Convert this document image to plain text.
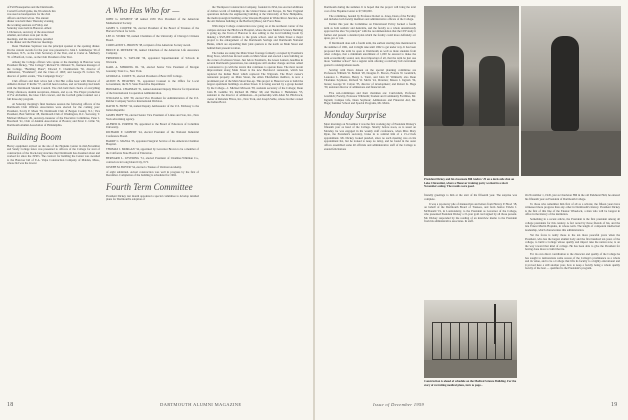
of Fall Houseparties and the Dartmouth-
Cornell football game, the Woodstock Inn
was used as headquarters for the club
officers and their wives. The annual
dinner was held there Thursday evening,
the working sessions on Friday and
Saturday were held in Hanover. Albert
I. Dickerson, secretary of the Associated
Alumni, and others took part in the
meetings, and the Association, presided
at the dinner and the Hanover meetings.

Dean Thaddeus Seymour was the principal speaker at the opening dinner. On the current awards for the year was presented to John I. Grimberger '26 of Rochester, N.Y., as the Club Secretary of the Year, and to Carter A. Mulberry '31 of Hartford, Conn., as the Club President of the Year.

Among the College officers who spoke at the meetings in Hanover were President Dickey, "The College"; Richard W. Olmsted '31, business manager of the College, "Building Plans"; Edward T. Chamberlain '36, director of admissions, "Freshmen"; and the Class of 1963; and George H. Colton '35, director of public events, "The Campaign Story."

Club officers and their wives had a Ski Hut coffee hour with Director of Athletics Robert P. Rollie '37, and fall head coaches, and on Saturday had lunch with the Dartmouth Student Council. The club held their choice of everything Friday afternoon, alumni receptions, dinners, and so on. The Player production of For Alchemist, the Glee Club concert, and the football game rounded out a full three-day program.

At Saturday morning's final business session the following officers of the Dartmouth Club Officers Association were elected for the coming year: President, Scotty P. Moen '39, Dartmouth Club of Bergen County, N.J.; Vice President, Burt Sullivan '28, Dartmouth Club of Washington, D.C. Secretary, T. Michael McKeon '49, secretary-treasurer of the Executive Committee, Peter J. Bouchard '41, Club of Alumni Association of Boston; and Ernst C. Lillie '52, Dartmouth Alumni Association of Philadelphia.

Building Boom

Heavy equipment arrived on the site of the Hopkins Center in mid-November and Sandy College fence was presented to officers of the College for start of construction of the block-long structure that Dartmouth has dreamed about and worked for since the 1950's. The contract for building the Center was awarded to the Hanover bid of E.A. Volpe Construction Company of Malden, Mass., whose bid was the lowest

A Who Has Who for —

JOHN G. KEMENY '48 named 1959 Vice President of the American Mathematical Society.

JAMES S. COOPER '34, elected President of the Board of Trustees of the Harvard School for Girls.

LEE O. STORR '38, named Chairman of the University of Chicago's Citizens Board.

CORTLANDT L. BROWN '38, recipient of the American Society award.

BRUCE R. MEEKER '36, named Chairman of the American Life Assurance Company.

FREDERICK S. TAYLOR '36, appointed Superintendent of Schools in Warwick.

KARL A. MERRING JR. '34, elected Senior Vice President of Morgan Guaranty Trust Co., New York.

GEORGE A. COOTE '31, elected President of Beta Cliff College.

ALTON B. BEAVERS '31, appointed Counsel to the Office for Local Government, the N.Y. State Executive Department.

HOWARD A. CHAPMAN '31, named Assistant Deputy Director for Operations of the International Cooperation Administration.

WILLIAM A. LEE '39, elected Vice President for Administration of the U.S. Rubber Company Service International Division.

DAVID N. HUNT '34, named Deputy Ambassador of the U.S. Embassy to the Italian Republic.

JAMES HOFF '39, elected Senior Vice President of Lintas and Son, Inc., New York advertising agency.

ALFRED R. PORTER '36, appointed to the Board of Educators of Columbia University.

RICHARD P. GILBERT '44, elected President of the National Industrial Conference Board.

BARRY C. MASSA '35, appointed Surgical Service of the American Chamber Hospital.

THOMAS J. MORGAN '34, appointed by Governor Brown to be a member of the California State Board of Education.

BERNARD L. LEVERING '31, elected President of Chamber-Whitman Co., contractors in Long Island City, N.Y.

JOSEPH M. BOYER '34, elected a Trustee of Vermont Academy.

of eight submitted. Actual construction was well in progress by the first of December. Completion of the building is scheduled for 1962.

Fourth Term Committee

President Dickey last month appointed a special committee to develop detailed plans for Dartmouth's adoption of

the Thompson Construction Company, founded in 1954, has erected additions of dollars worth of buildings in the United States and Europe. Its New England operations include the engineering building at the University of New Hampshire, the medical-surgical building at the Veterans Hospital in White River Junction, and the Air Defense building at the Bedford (Mass.) Air Force Base.

With major College construction now going on at the northeast corner of the campus and near the Hitchcock Hospital, where the new Medical Science Building is going up, the Town of Hanover is also adding to the local building boom by making a $525,000 addition to the grade school. And on Main Street a major project is the enlargement of the Dartmouth Savings and Dartmouth National Banks, which are expanding their joint quarters to the north on Main Street and behind their present location.

The banks are using the Main Street frontage formerly occupied by Eastman's Drug Store, which has moved south on Main Street and erected a new building on the corner of Lebanon Street. Just below Eastman's, the Green Lantern, headline in several Dartmouth generations, has undergone still another change and has added a restaurant to go with the tavern that continues to operate there. The most recent improvement along Main Street is the new Bertolucci restaurant, which has replaced the Indian Bowl which replaced The Wigwam. The Bowl owner's restaurant property on Main Street, the Allen Elizabethan mailbox, is now a prominent part of the Main Street line-up. This project to Hanover was to build the largest apartment buildings on Allen Street. It is being erected by a group headed by the College—J. Michael McGean '58, assistant secretary of the College; Dean John H. Gamble '43, Richard M. Hiller '46; and Thomas J. Hamdanna '55, assistant to the director of admissions—in partnership with Allen M. Hitchcock, owner of Rabelais Fibres, Inc., New York, and Joseph Sable, whose brother owned the Indian Bowl.

18	DARTMOUTH ALUMNI MAGAZINE

Dartmouth during the summer. It is hoped that the project will bring the total cost of the Hopkins Center to $7,500,000.

The committee, headed by Professor Robert A. Jones, Dean of the Faculty, and includes both faculty members and administrative officers of the College.

Earlier this year the Committee on Educational Policy backed a fourth term as both realistic and desirable, and the faculty as a whole unanimously approved the idea "in principle" with the recommendation that the CEP study it further and present a detailed plan which the faculty could more definitely act upon, pro or con.

If Dartmouth does add a fourth term, the earliest starting date mentioned is the summer of 1961, and it might take until 1962 to get under way. It has been proposed that the term be open to Dartmouth as well as male students from other colleges, that a minimum enrollment of 1,000 be assured to make the term economically sound, and, most important of all, that the term be just one more "summer school" but a regular term offering a relatively full curriculum geared to undergraduate needs.

Serving with Dean Jensen on the special planning committee are Professors William W. Ballard '28, Douglas E. Brown, Francis W. Gramlich, Laurence L. Harmon, Henry L. Tonic, and John W. Wilmarth; also Dean Thaddeus Seymour, Richard W. Moltz '24, librarian; Mason I. Ingram '34, bursar; George W. Colton '35, director of development; and Robert K. Hage '30, assistant director of admissions and financial aid.

Five sub-committees and their chairmen are: Curriculum, Professor Gramlich; Faculty, Professor Wilmarth; Student and Community Facilities, Mr. Ingram; Campus Life, Dean Seymour; Admissions and Financial Aid, Mr. Hage; Summer School and Special Programs, Mr. Moltz.

Monday Surprise

Most mornings on November 2 was the first working day of President Dickey's fifteenth year as head of the College. Shortly before noon, as is usual on Monday, he was engaged in his weekly staff conference, when Miss Mary Ryan, the President's secretary, broke in to remind him of a 15-o'clock appointment. Mr. Dickey looked puzzled, since no such meeting was on his appointment list, but he looked to keep no delay, and he found in the outer offices assembled some 40 officials and administrative staff of the College to extend felicitations

President Dickey and his classmate Bill Andres '29 on a deck-side chat on Lake Chicoutimi, where a Hanover training party worked in a short November outing. The results were good.

friendly greetings to him at the start of his fifteenth year. The surprise was complete.

It was a top-heavy pile of manuscripts and letters from Harvey P. Hood '18, on behalf of the Dartmouth Board of Trustees, and from Justice Edwin J. McDonald '19, in Londonderry, to the President as Governor of the College, who presented President Dickey a 15-year gold card signed by all those present. Mr. Dickey responded by the reading of an interview memo to the President from his administrative associates. In staff.

Construction is ahead of schedule on the Medical Science Building. For the story of recruiting medical plans, turn to page...

On November 1, 1945, just as Charleton Hill in the old Parkhurst Hall, he entered his fifteenth year as President of Dartmouth College.

To those who remember him first of all as a scholar, the fifteen years have witnessed more progress than any other in Dartmouth's history. President Dickey is the first of this line of the Eleazar Wheelock, a man who will be longest in office in the history of the institution.

Something in a recent article, the President is the first president among all college presidents for this century. A fact noted by those friends of his, and the late Ernest Martin Hopkins, in whose term. The length of competent intellectual leadership, which characterizes this administration.

Yet the focus is really those to the ten more peaceful years when the President, who has the largest alumni body and the first hundred ten years of the college, to build a College whose quality and impact take the nation now, is on the way toward that kind of college. He has been able to give the President for having done more to build that tie.

For its own direct contribution to the character and quality of the College he has sought to demonstrate some reason of the College's prominence as a whole and its value, and to be a College that lifts its faculty to a highly educational and it proved here a still another year, how to keep a faculty being a whole quality faculty of the best — qualified to the President's program.

Issue of December 1959	19
